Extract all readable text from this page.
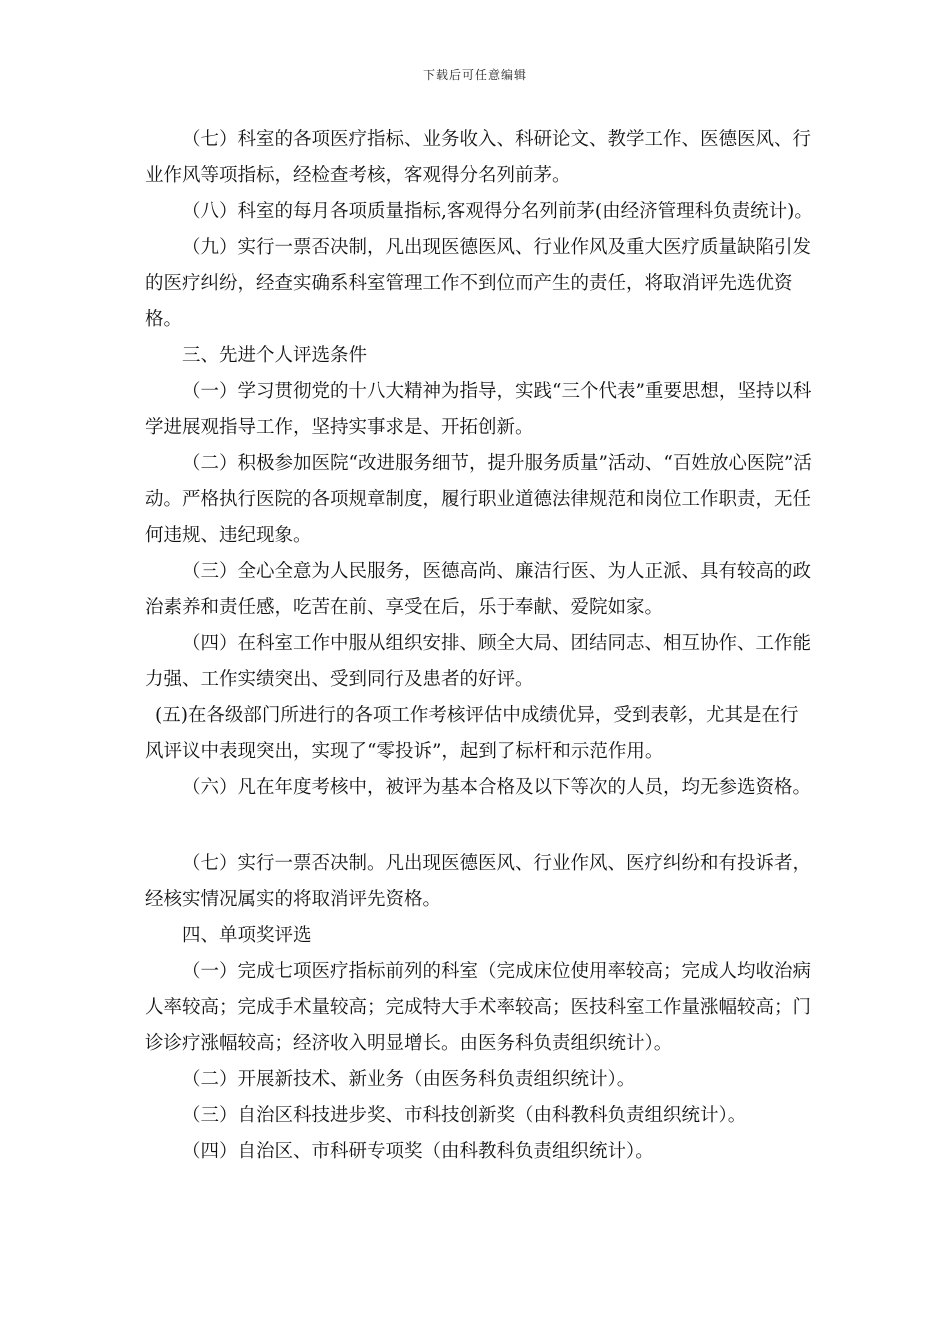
下载后可任意编辑

（七）科室的各项医疗指标、业务收入、科研论文、教学工作、医德医风、行业作风等项指标，经检查考核，客观得分名列前茅。

（八）科室的每月各项质量指标,客观得分名列前茅(由经济管理科负责统计)。

（九）实行一票否决制，凡出现医德医风、行业作风及重大医疗质量缺陷引发的医疗纠纷，经查实确系科室管理工作不到位而产生的责任，将取消评先选优资格。

三、先进个人评选条件

（一）学习贯彻党的十八大精神为指导，实践“三个代表”重要思想，坚持以科学进展观指导工作，坚持实事求是、开拓创新。

（二）积极参加医院“改进服务细节，提升服务质量”活动、“百姓放心医院”活动。严格执行医院的各项规章制度，履行职业道德法律规范和岗位工作职责，无任何违规、违纪现象。

（三）全心全意为人民服务，医德高尚、廉洁行医、为人正派、具有较高的政治素养和责任感，吃苦在前、享受在后，乐于奉献、爱院如家。

（四）在科室工作中服从组织安排、顾全大局、团结同志、相互协作、工作能力强、工作实绩突出、受到同行及患者的好评。

(五)在各级部门所进行的各项工作考核评估中成绩优异，受到表彰，尤其是在行风评议中表现突出，实现了“零投诉”，起到了标杆和示范作用。

（六）凡在年度考核中，被评为基本合格及以下等次的人员，均无参选资格。

（七）实行一票否决制。凡出现医德医风、行业作风、医疗纠纷和有投诉者，经核实情况属实的将取消评先资格。

四、单项奖评选

（一）完成七项医疗指标前列的科室（完成床位使用率较高；完成人均收治病人率较高；完成手术量较高；完成特大手术率较高；医技科室工作量涨幅较高；门诊诊疗涨幅较高；经济收入明显增长。由医务科负责组织统计）。

（二）开展新技术、新业务（由医务科负责组织统计）。

（三）自治区科技进步奖、市科技创新奖（由科教科负责组织统计）。

（四）自治区、市科研专项奖（由科教科负责组织统计）。
